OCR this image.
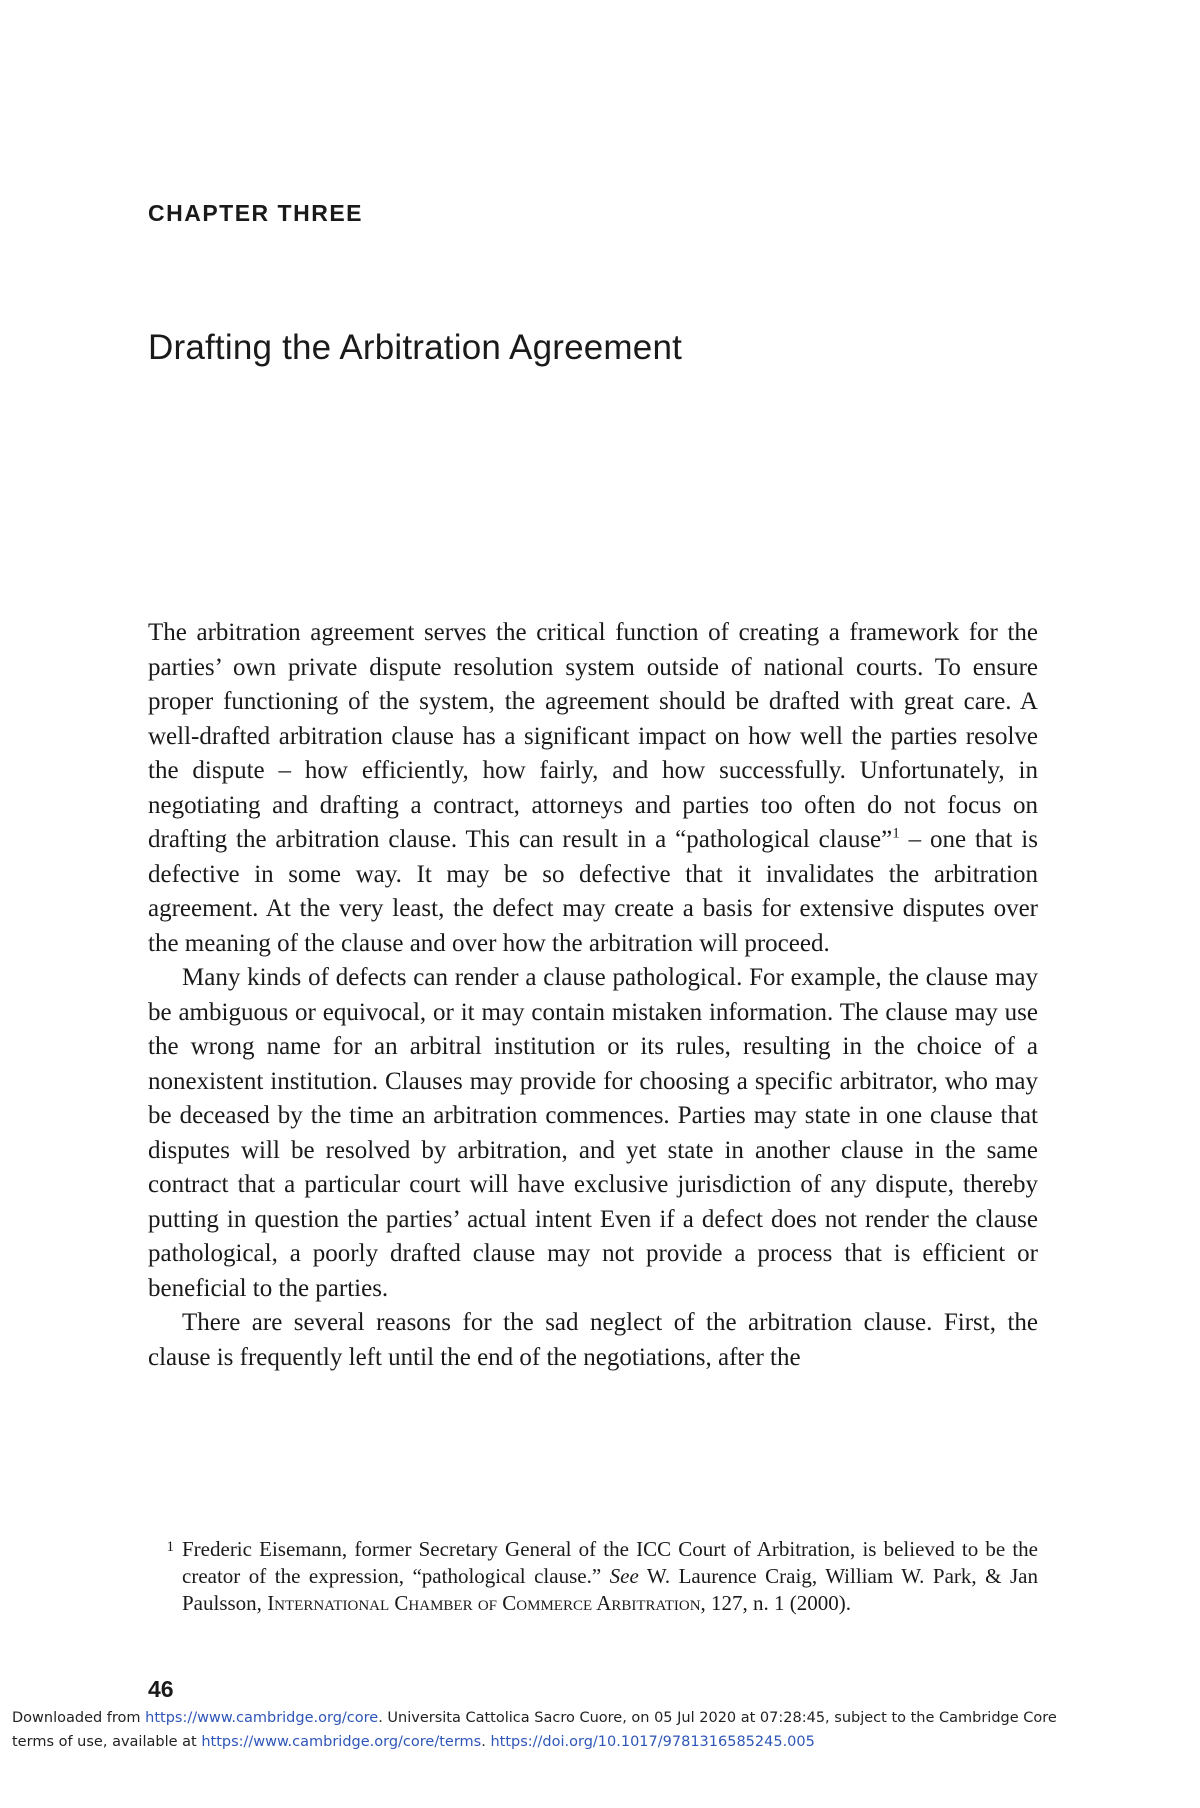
CHAPTER THREE
Drafting the Arbitration Agreement

The arbitration agreement serves the critical function of creating a framework for the parties’ own private dispute resolution system outside of national courts. To ensure proper functioning of the system, the agreement should be drafted with great care. A well-drafted arbitration clause has a significant impact on how well the parties resolve the dispute – how efficiently, how fairly, and how successfully. Unfortunately, in negotiating and drafting a contract, attorneys and parties too often do not focus on drafting the arbitration clause. This can result in a “pathological clause”$^1$ – one that is defective in some way. It may be so defective that it invalidates the arbitration agreement. At the very least, the defect may create a basis for extensive disputes over the meaning of the clause and over how the arbitration will proceed.

Many kinds of defects can render a clause pathological. For example, the clause may be ambiguous or equivocal, or it may contain mistaken information. The clause may use the wrong name for an arbitral institution or its rules, resulting in the choice of a nonexistent institution. Clauses may provide for choosing a specific arbitrator, who may be deceased by the time an arbitration commences. Parties may state in one clause that disputes will be resolved by arbitration, and yet state in another clause in the same contract that a particular court will have exclusive jurisdiction of any dispute, thereby putting in question the parties’ actual intent Even if a defect does not render the clause pathological, a poorly drafted clause may not provide a process that is efficient or beneficial to the parties.

There are several reasons for the sad neglect of the arbitration clause. First, the clause is frequently left until the end of the negotiations, after the

1 Frederic Eisemann, former Secretary General of the ICC Court of Arbitration, is believed to be the creator of the expression, “pathological clause.” See W. Laurence Craig, William W. Park, & Jan Paulsson, International Chamber of Commerce Arbitration, 127, n. 1 (2000).
46
Downloaded from https://www.cambridge.org/core. Universita Cattolica Sacro Cuore, on 05 Jul 2020 at 07:28:45, subject to the Cambridge Core
terms of use, available at https://www.cambridge.org/core/terms. https://doi.org/10.1017/9781316585245.005
